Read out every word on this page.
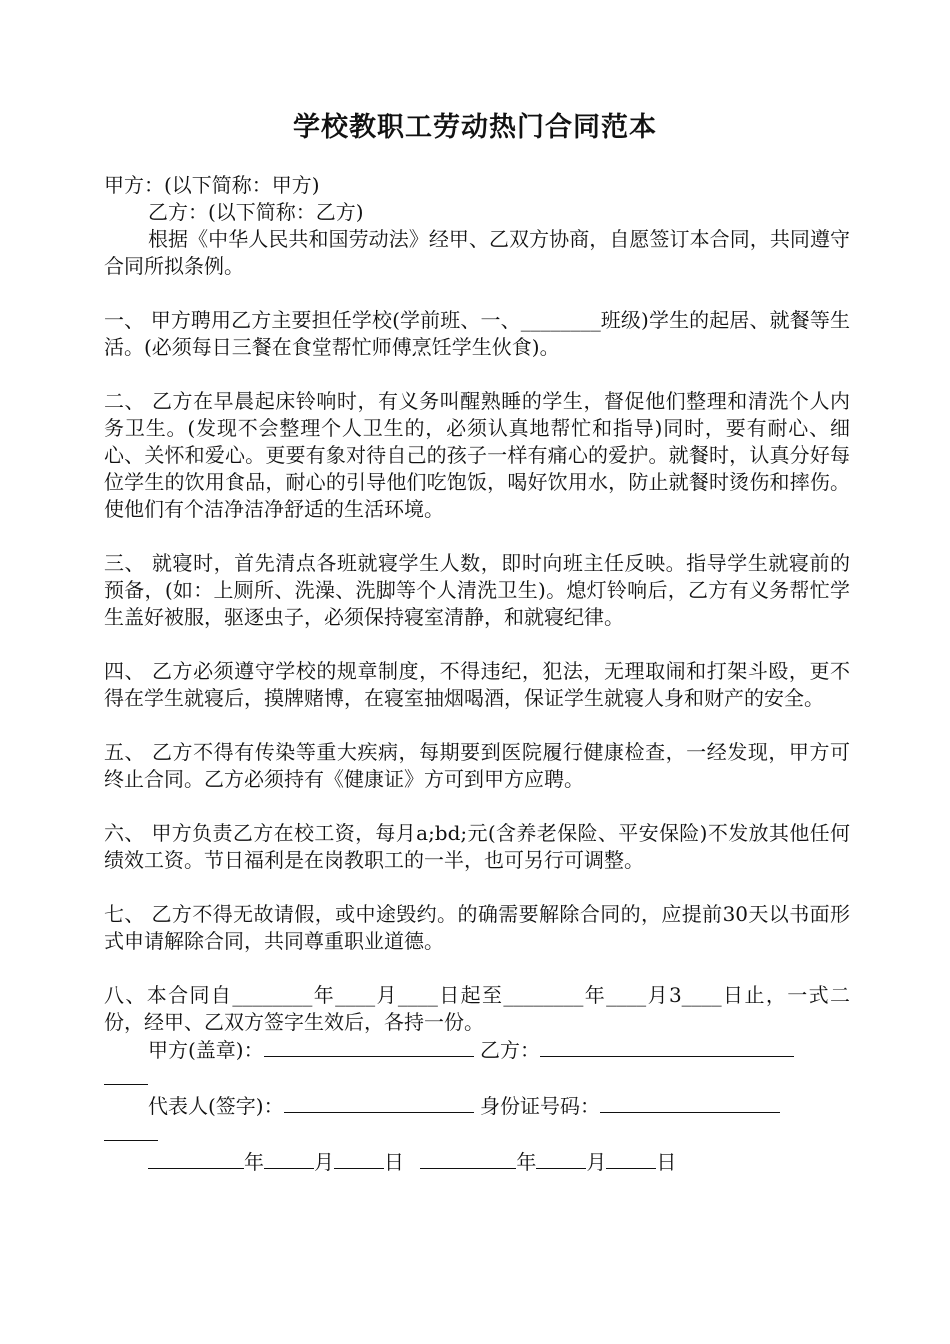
学校教职工劳动热门合同范本

甲方：(以下简称：甲方)

乙方：(以下简称：乙方)

根据《中华人民共和国劳动法》经甲、乙双方协商，自愿签订本合同，共同遵守合同所拟条例。

一、 甲方聘用乙方主要担任学校(学前班、一、________班级)学生的起居、就餐等生活。(必须每日三餐在食堂帮忙师傅烹饪学生伙食)。

二、 乙方在早晨起床铃响时，有义务叫醒熟睡的学生，督促他们整理和清洗个人内务卫生。(发现不会整理个人卫生的，必须认真地帮忙和指导)同时，要有耐心、细心、关怀和爱心。更要有象对待自己的孩子一样有痛心的爱护。就餐时，认真分好每位学生的饮用食品，耐心的引导他们吃饱饭，喝好饮用水，防止就餐时烫伤和摔伤。使他们有个洁净洁净舒适的生活环境。

三、 就寝时，首先清点各班就寝学生人数，即时向班主任反映。指导学生就寝前的预备，(如：上厕所、洗澡、洗脚等个人清洗卫生)。熄灯铃响后，乙方有义务帮忙学生盖好被服，驱逐虫子，必须保持寝室清静，和就寝纪律。

四、 乙方必须遵守学校的规章制度，不得违纪，犯法，无理取闹和打架斗殴，更不得在学生就寝后，摸牌赌博，在寝室抽烟喝酒，保证学生就寝人身和财产的安全。

五、 乙方不得有传染等重大疾病，每期要到医院履行健康检查，一经发现，甲方可终止合同。乙方必须持有《健康证》方可到甲方应聘。

六、 甲方负责乙方在校工资，每月a;bd;元(含养老保险、平安保险)不发放其他任何绩效工资。节日福利是在岗教职工的一半，也可另行可调整。

七、 乙方不得无故请假，或中途毁约。的确需要解除合同的，应提前30天以书面形式申请解除合同，共同尊重职业道德。

八、本合同自________年____月____日起至________年____月3____日止，一式二份，经甲、乙双方签字生效后，各持一份。

甲方(盖章)：	乙方：

代表人(签字)：	身份证号码：

年	月	日	年	月	日
